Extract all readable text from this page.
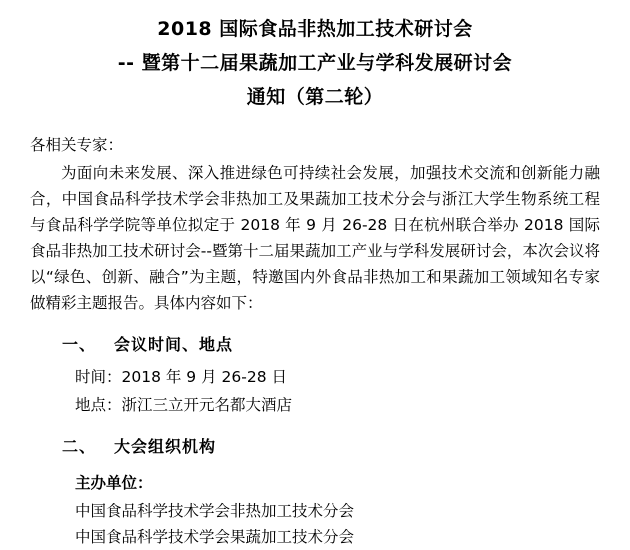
2018 国际食品非热加工技术研讨会
-- 暨第十二届果蔬加工产业与学科发展研讨会
通知（第二轮）

各相关专家：

为面向未来发展、深入推进绿色可持续社会发展，加强技术交流和创新能力融合，中国食品科学技术学会非热加工及果蔬加工技术分会与浙江大学生物系统工程与食品科学学院等单位拟定于 2018 年 9 月 26-28 日在杭州联合举办 2018 国际食品非热加工技术研讨会--暨第十二届果蔬加工产业与学科发展研讨会，本次会议将以“绿色、创新、融合”为主题，特邀国内外食品非热加工和果蔬加工领域知名专家做精彩主题报告。具体内容如下：

一、 会议时间、地点

时间：2018 年 9 月 26-28 日

地点：浙江三立开元名都大酒店

二、 大会组织机构

主办单位：

中国食品科学技术学会非热加工技术分会

中国食品科学技术学会果蔬加工技术分会
